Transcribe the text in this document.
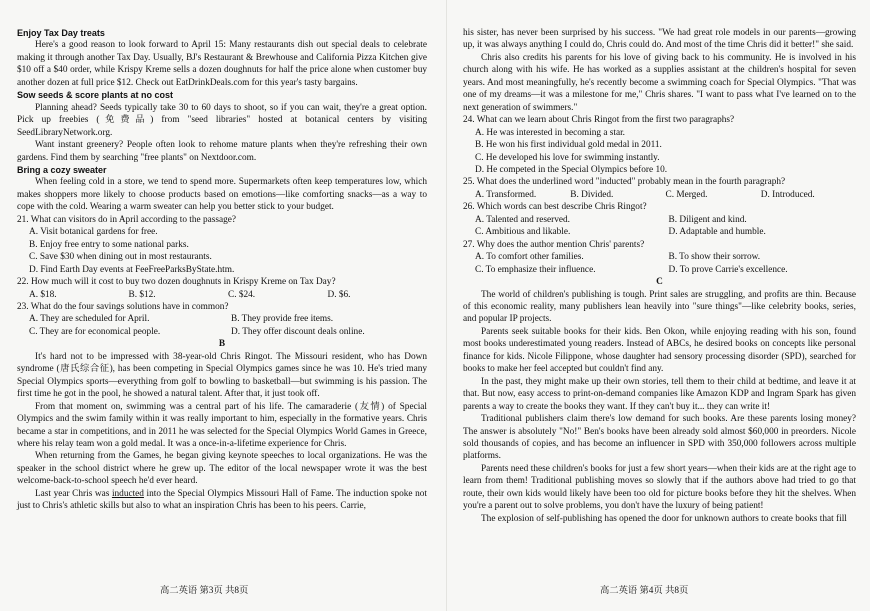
Enjoy Tax Day treats

Here's a good reason to look forward to April 15: Many restaurants dish out special deals to celebrate making it through another Tax Day. Usually, BJ's Restaurant & Brewhouse and California Pizza Kitchen give $10 off a $40 order, while Krispy Kreme sells a dozen doughnuts for half the price alone when customer buy another dozen at full price $12. Check out EatDrinkDeals.com for this year's tasty bargains.

Sow seeds & score plants at no cost

Planning ahead? Seeds typically take 30 to 60 days to shoot, so if you can wait, they're a great option. Pick up freebies (免费品) from "seed libraries" hosted at botanical centers by visiting SeedLibraryNetwork.org.

Want instant greenery? People often look to rehome mature plants when they're refreshing their own gardens. Find them by searching "free plants" on Nextdoor.com.

Bring a cozy sweater

When feeling cold in a store, we tend to spend more. Supermarkets often keep temperatures low, which makes shoppers more likely to choose products based on emotions—like comforting snacks—as a way to cope with the cold. Wearing a warm sweater can help you better stick to your budget.

21. What can visitors do in April according to the passage?
A. Visit botanical gardens for free.
B. Enjoy free entry to some national parks.
C. Save $30 when dining out in most restaurants.
D. Find Earth Day events at FeeFreeParksByState.htm.
22. How much will it cost to buy two dozen doughnuts in Krispy Kreme on Tax Day?
A. $18.	B. $12.	C. $24.	D. $6.
23. What do the four savings solutions have in common?
A. They are scheduled for April.	B. They provide free items.
C. They are for economical people.	D. They offer discount deals online.
B

It's hard not to be impressed with 38-year-old Chris Ringot. The Missouri resident, who has Down syndrome (唐氏综合征), has been competing in Special Olympics games since he was 10. He's tried many Special Olympics sports—everything from golf to bowling to basketball—but swimming is his passion. The first time he got in the pool, he showed a natural talent. After that, it just took off.

From that moment on, swimming was a central part of his life. The camaraderie (友情) of Special Olympics and the swim family within it was really important to him, especially in the formative years. Chris became a star in competitions, and in 2011 he was selected for the Special Olympics World Games in Greece, where his relay team won a gold medal. It was a once-in-a-lifetime experience for Chris.

When returning from the Games, he began giving keynote speeches to local organizations. He was the speaker in the school district where he grew up. The editor of the local newspaper wrote it was the best welcome-back-to-school speech he'd ever heard.

Last year Chris was inducted into the Special Olympics Missouri Hall of Fame. The induction spoke not just to Chris's athletic skills but also to what an inspiration Chris has been to his peers. Carrie,

his sister, has never been surprised by his success. "We had great role models in our parents—growing up, it was always anything I could do, Chris could do. And most of the time Chris did it better!" she said.

Chris also credits his parents for his love of giving back to his community. He is involved in his church along with his wife. He has worked as a supplies assistant at the children's hospital for seven years. And most meaningfully, he's recently become a swimming coach for Special Olympics. "That was one of my dreams—it was a milestone for me," Chris shares. "I want to pass what I've learned on to the next generation of swimmers."

24. What can we learn about Chris Ringot from the first two paragraphs?
A. He was interested in becoming a star.
B. He won his first individual gold medal in 2011.
C. He developed his love for swimming instantly.
D. He competed in the Special Olympics before 10.
25. What does the underlined word "inducted" probably mean in the fourth paragraph?
A. Transformed.	B. Divided.	C. Merged.	D. Introduced.
26. Which words can best describe Chris Ringot?
A. Talented and reserved.	B. Diligent and kind.
C. Ambitious and likable.	D. Adaptable and humble.
27. Why does the author mention Chris' parents?
A. To comfort other families.	B. To show their sorrow.
C. To emphasize their influence.	D. To prove Carrie's excellence.
C

The world of children's publishing is tough. Print sales are struggling, and profits are thin. Because of this economic reality, many publishers lean heavily into "sure things"—like celebrity books, series, and popular IP projects.

Parents seek suitable books for their kids. Ben Okon, while enjoying reading with his son, found most books underestimated young readers. Instead of ABCs, he desired books on concepts like personal finance for kids. Nicole Filippone, whose daughter had sensory processing disorder (SPD), searched for books to make her feel accepted but couldn't find any.

In the past, they might make up their own stories, tell them to their child at bedtime, and leave it at that. But now, easy access to print-on-demand companies like Amazon KDP and Ingram Spark has given parents a way to create the books they want. If they can't buy it... they can write it!

Traditional publishers claim there's low demand for such books. Are these parents losing money? The answer is absolutely "No!" Ben's books have been already sold almost $60,000 in preorders. Nicole sold thousands of copies, and has become an influencer in SPD with 350,000 followers across multiple platforms.

Parents need these children's books for just a few short years—when their kids are at the right age to learn from them! Traditional publishing moves so slowly that if the authors above had tried to go that route, their own kids would likely have been too old for picture books before they hit the shelves. When you're a parent out to solve problems, you don't have the luxury of being patient!

The explosion of self-publishing has opened the door for unknown authors to create books that fill

高二英语 第3页 共8页	高二英语 第4页 共8页
